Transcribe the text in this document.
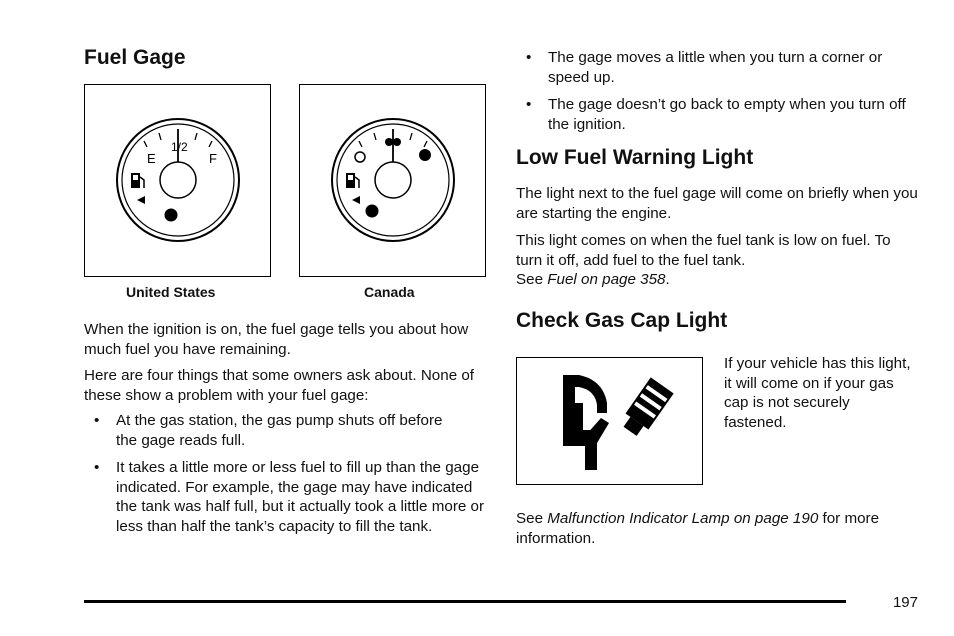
Fuel Gage
E
1/2
F
United States	Canada

When the ignition is on, the fuel gage tells you about how much fuel you have remaining.

Here are four things that some owners ask about. None of these show a problem with your fuel gage:

• At the gas station, the gas pump shuts off before the gage reads full.
• It takes a little more or less fuel to fill up than the gage indicated. For example, the gage may have indicated the tank was half full, but it actually took a little more or less than half the tank’s capacity to fill the tank.
• The gage moves a little when you turn a corner or speed up.
• The gage doesn’t go back to empty when you turn off the ignition.
Low Fuel Warning Light

The light next to the fuel gage will come on briefly when you are starting the engine.

This light comes on when the fuel tank is low on fuel. To turn it off, add fuel to the fuel tank.

See Fuel on page 358.

Check Gas Cap Light

If your vehicle has this light, it will come on if your gas cap is not securely fastened.

See Malfunction Indicator Lamp on page 190 for more information.

197
